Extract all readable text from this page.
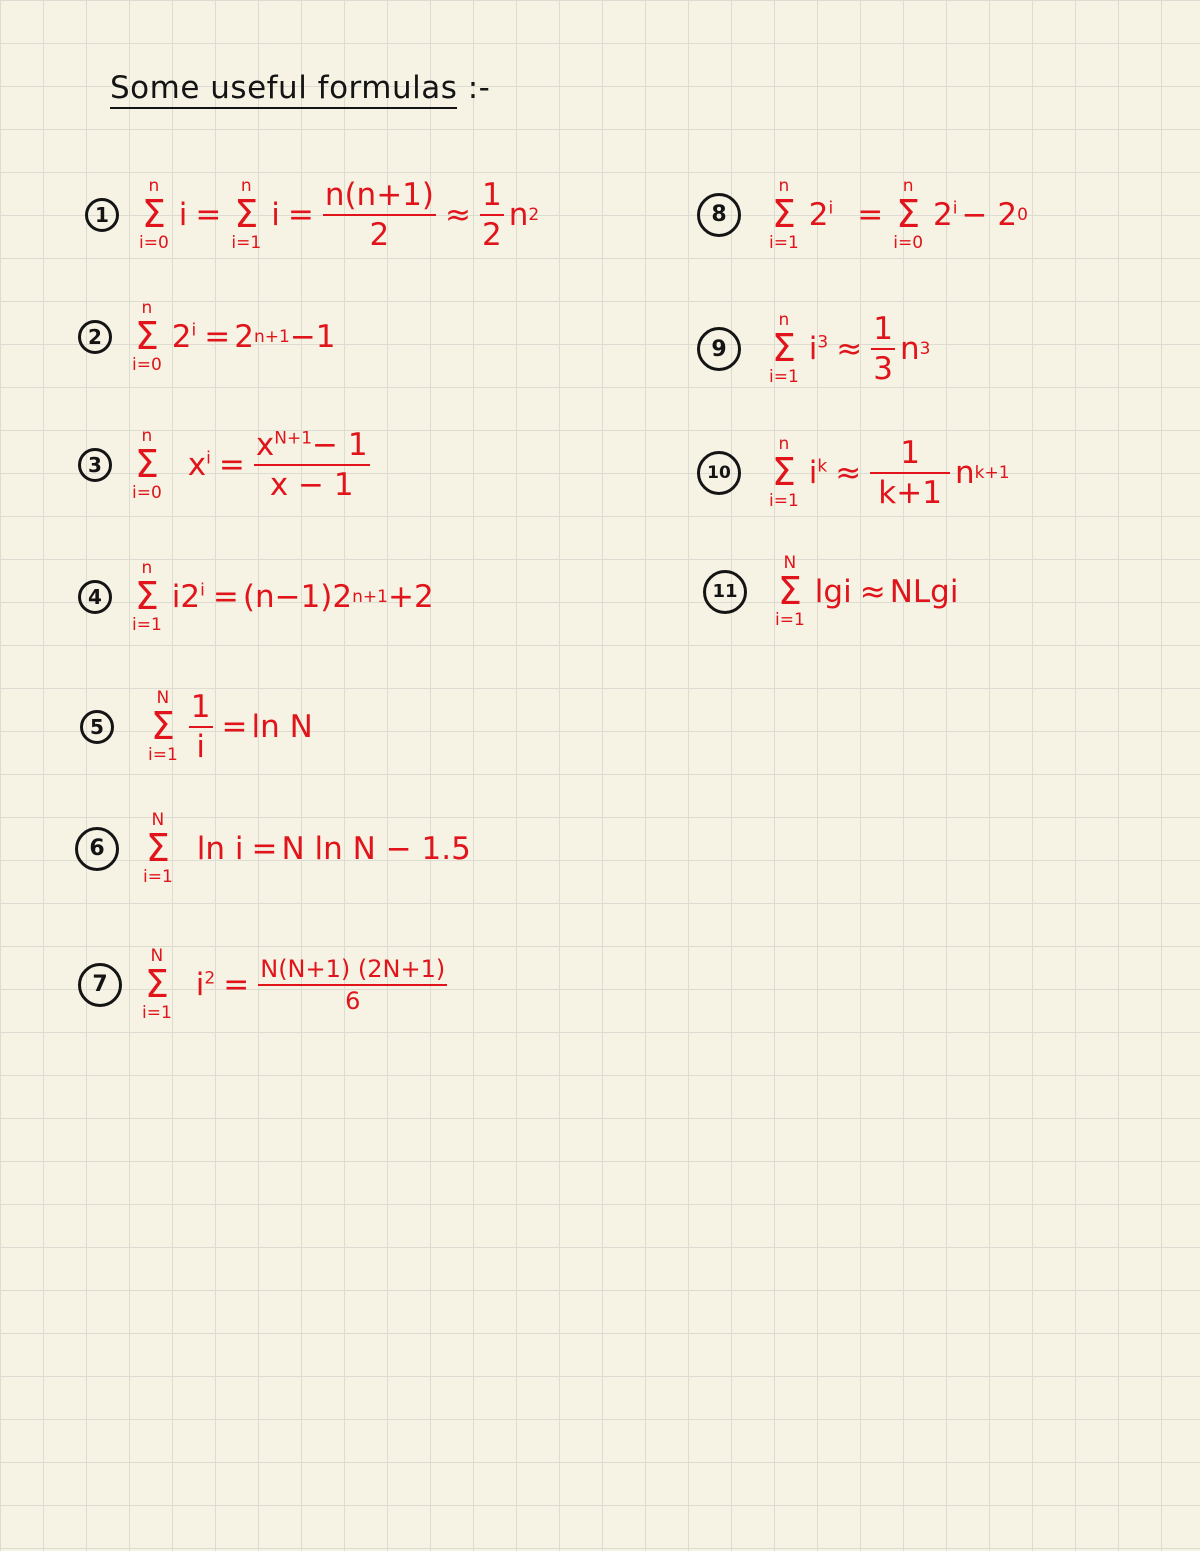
Some useful formulas :-
1
n
Σ
i=0
i =
n
Σ
i=1
$i = \frac{n(n+1)}{2} \approx \frac{1}{2}$ n 2
2
n
Σ
i=0
$2^i = 2$ n+1 −1
3
n
Σ
i=0
$x^i = \frac{x^{N+1}- 1}{x - 1}$
4
n
Σ
i=1
$i2^i = (n-1)2$ n+1 +2
5
N
Σ
$i=1 \frac{1}{i} = \ln N$
6
N
Σ
i=1
ln i = N ln N − 1.5
7
N
Σ
i=1
$i^2 = \frac{N(N+1) (2N+1)}{6}$
8
n
Σ
i=1
$2^i$ =
n
Σ
i=0
$2^i - 2$ 0
9
n
Σ
i=1
$i^3 \approx \frac{1}{3}$ n 3
10
n
Σ
i=1
$i^k \approx \frac{1}{k+1}$ n k+1
11
N
Σ
i=1
lgi ≈ NLgi
